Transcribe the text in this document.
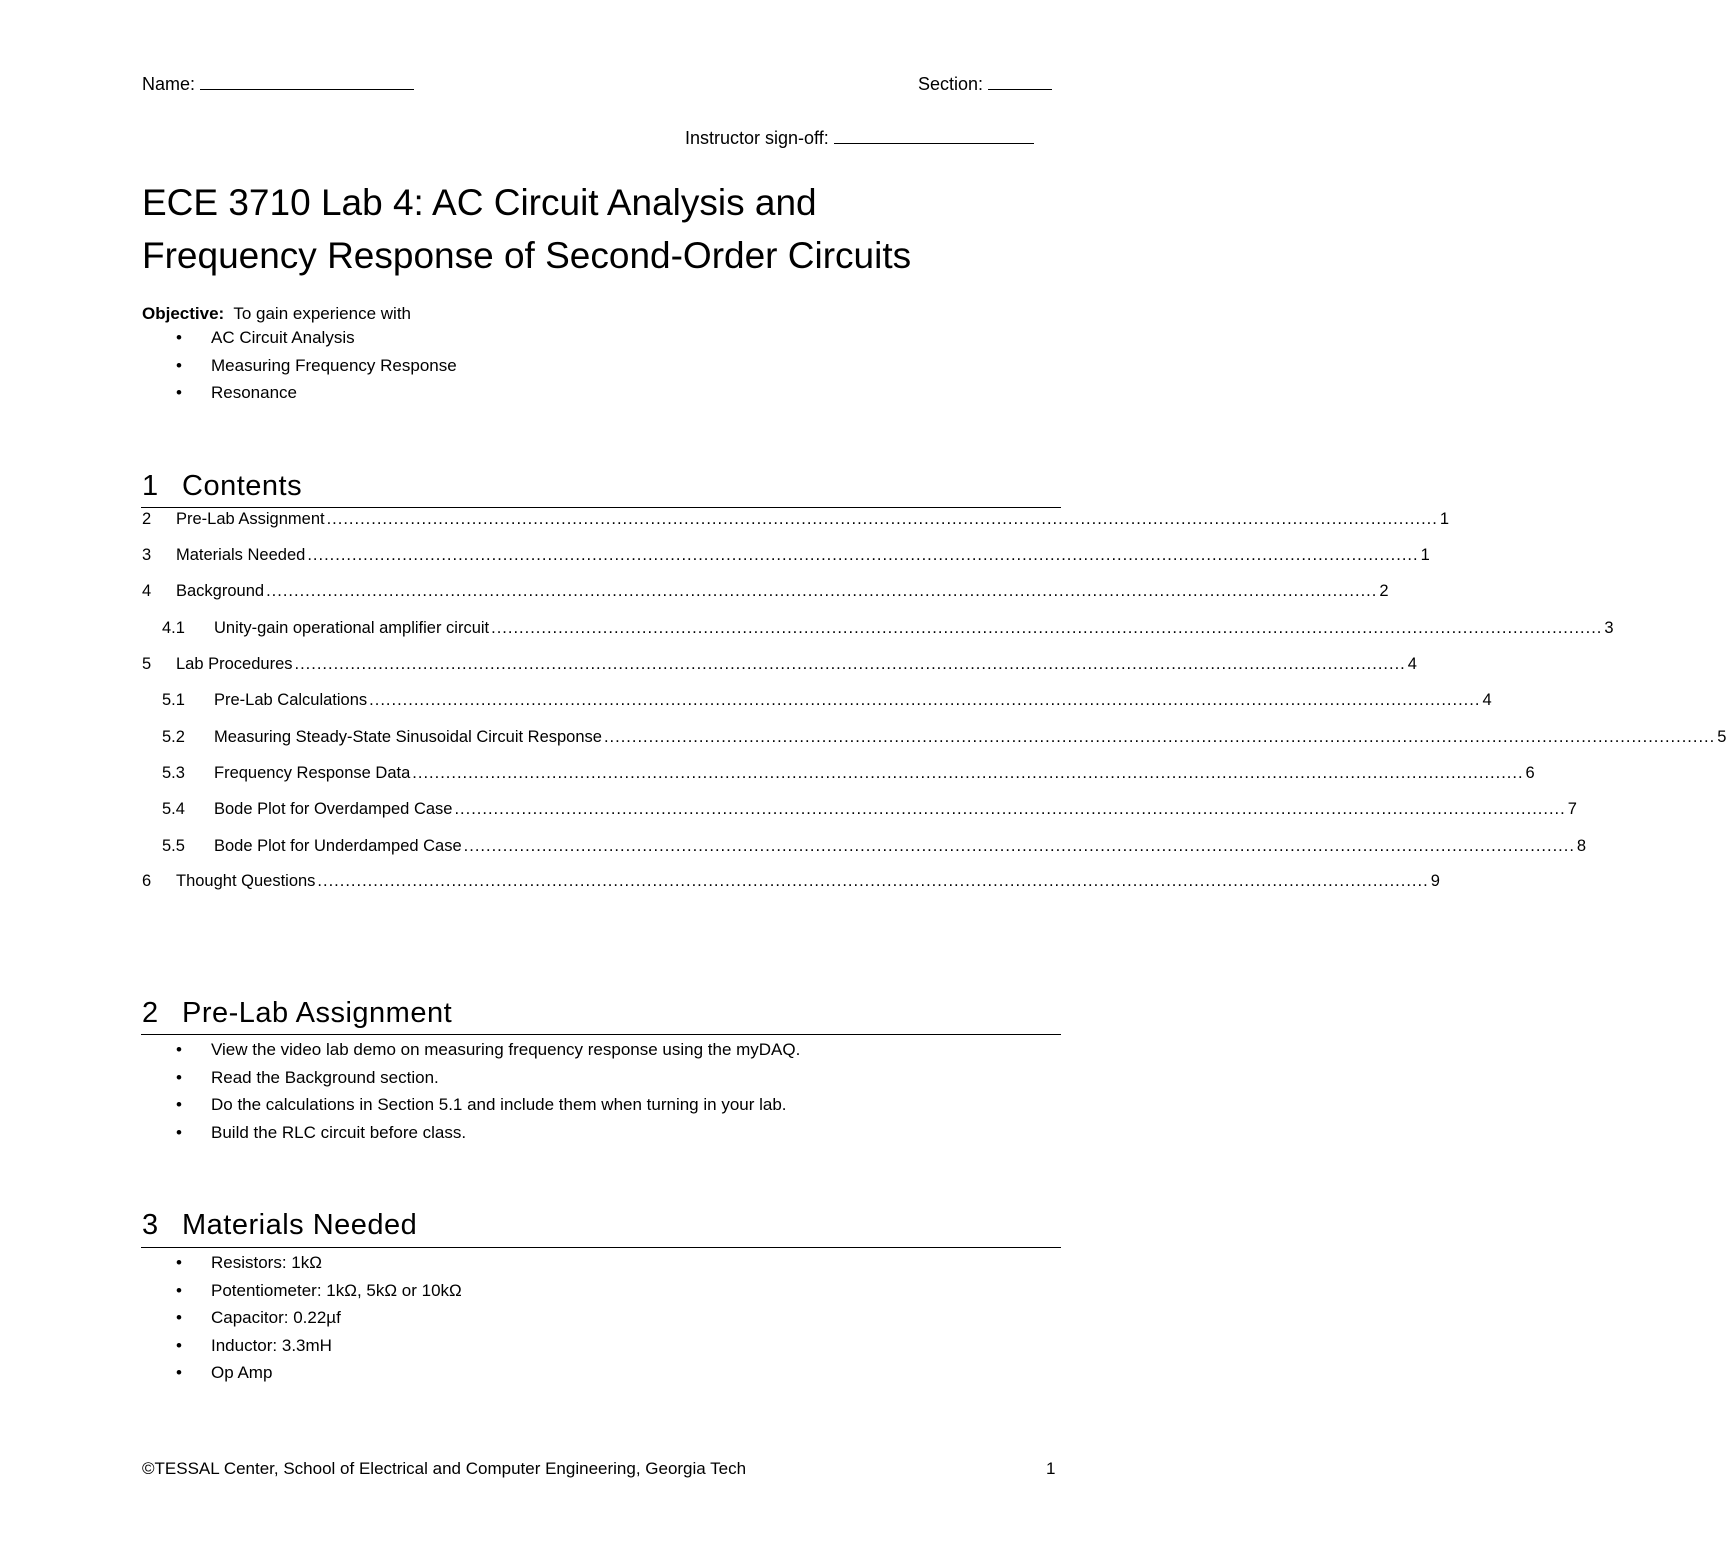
Name:	Section:
Instructor sign-off:
ECE 3710 Lab 4: AC Circuit Analysis and
Frequency Response of Second-Order Circuits
Objective: To gain experience with
• AC Circuit Analysis
• Measuring Frequency Response
• Resonance
1 Contents
2	Pre-Lab Assignment ....................................................................................................................................................................................................... 1
3	Materials Needed ....................................................................................................................................................................................................... 1
4	Background ....................................................................................................................................................................................................... 2
4.1	Unity-gain operational amplifier circuit ....................................................................................................................................................................................................... 3
5	Lab Procedures ....................................................................................................................................................................................................... 4
5.1	Pre-Lab Calculations ....................................................................................................................................................................................................... 4
5.2	Measuring Steady-State Sinusoidal Circuit Response ....................................................................................................................................................................................................... 5
5.3	Frequency Response Data ....................................................................................................................................................................................................... 6
5.4	Bode Plot for Overdamped Case ....................................................................................................................................................................................................... 7
5.5	Bode Plot for Underdamped Case ....................................................................................................................................................................................................... 8
6	Thought Questions ....................................................................................................................................................................................................... 9
2 Pre-Lab Assignment
• View the video lab demo on measuring frequency response using the myDAQ.
• Read the Background section.
• Do the calculations in Section 5.1 and include them when turning in your lab.
• Build the RLC circuit before class.
3 Materials Needed
• Resistors: 1kΩ
• Potentiometer: 1kΩ, 5kΩ or 10kΩ
• Capacitor: 0.22µf
• Inductor: 3.3mH
• Op Amp
©TESSAL Center, School of Electrical and Computer Engineering, Georgia Tech	1
